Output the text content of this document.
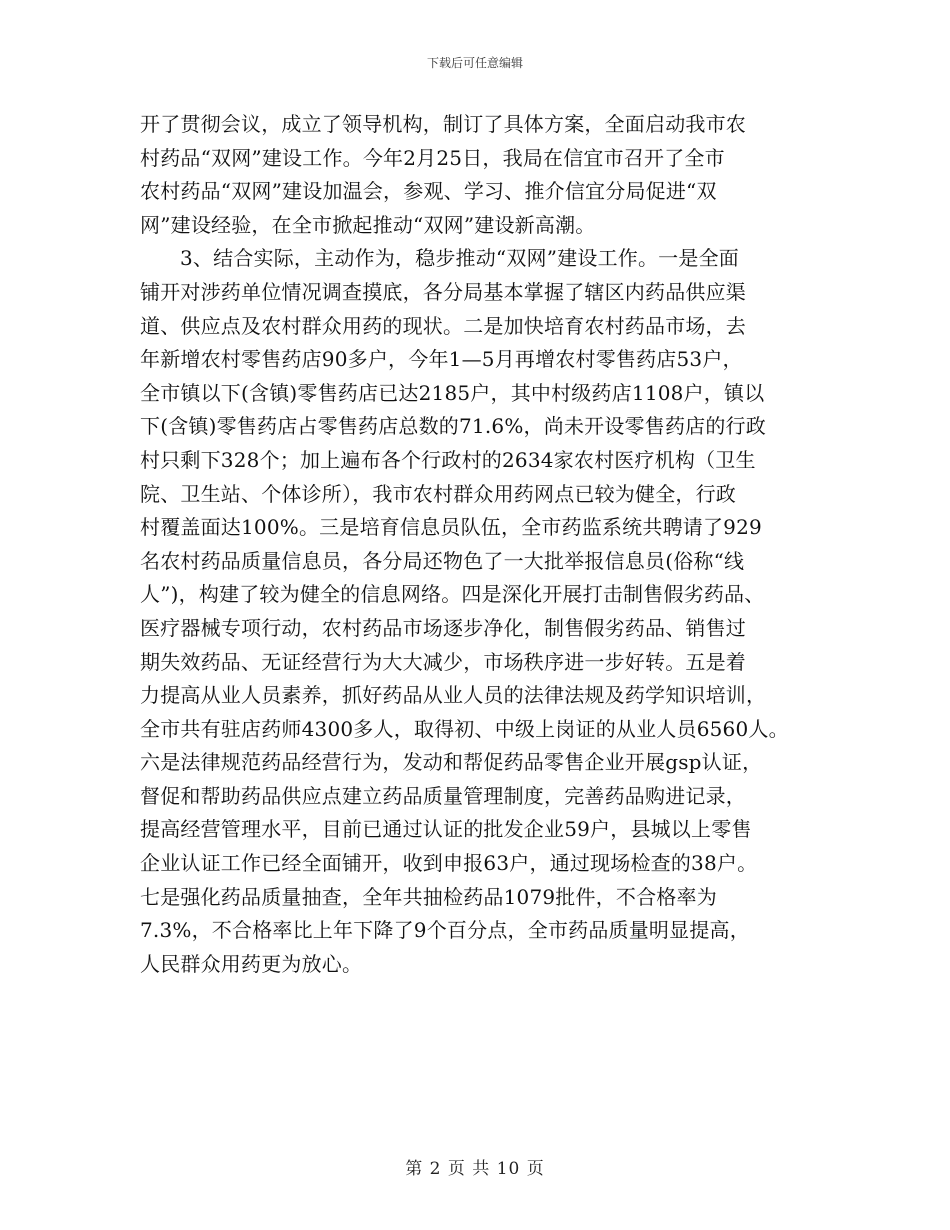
下载后可任意编辑
开了贯彻会议，成立了领导机构，制订了具体方案，全面启动我市农
村药品“双网”建设工作。今年2月25日，我局在信宜市召开了全市
农村药品“双网”建设加温会，参观、学习、推介信宜分局促进“双
网”建设经验，在全市掀起推动“双网”建设新高潮。
3、结合实际，主动作为，稳步推动“双网”建设工作。一是全面
铺开对涉药单位情况调查摸底，各分局基本掌握了辖区内药品供应渠
道、供应点及农村群众用药的现状。二是加快培育农村药品市场，去
年新增农村零售药店90多户，今年1—5月再增农村零售药店53户，
全市镇以下(含镇)零售药店已达2185户，其中村级药店1108户，镇以
下(含镇)零售药店占零售药店总数的71.6%，尚未开设零售药店的行政
村只剩下328个；加上遍布各个行政村的2634家农村医疗机构（卫生
院、卫生站、个体诊所），我市农村群众用药网点已较为健全，行政
村覆盖面达100%。三是培育信息员队伍，全市药监系统共聘请了929
名农村药品质量信息员，各分局还物色了一大批举报信息员(俗称“线
人”)，构建了较为健全的信息网络。四是深化开展打击制售假劣药品、
医疗器械专项行动，农村药品市场逐步净化，制售假劣药品、销售过
期失效药品、无证经营行为大大减少，市场秩序进一步好转。五是着
力提高从业人员素养，抓好药品从业人员的法律法规及药学知识培训，
全市共有驻店药师4300多人，取得初、中级上岗证的从业人员6560人。
六是法律规范药品经营行为，发动和帮促药品零售企业开展gsp认证，
督促和帮助药品供应点建立药品质量管理制度，完善药品购进记录，
提高经营管理水平，目前已通过认证的批发企业59户，县城以上零售
企业认证工作已经全面铺开，收到申报63户，通过现场检查的38户。
七是强化药品质量抽查，全年共抽检药品1079批件，不合格率为
7.3%，不合格率比上年下降了9个百分点，全市药品质量明显提高，
人民群众用药更为放心。
第 2 页 共 10 页
